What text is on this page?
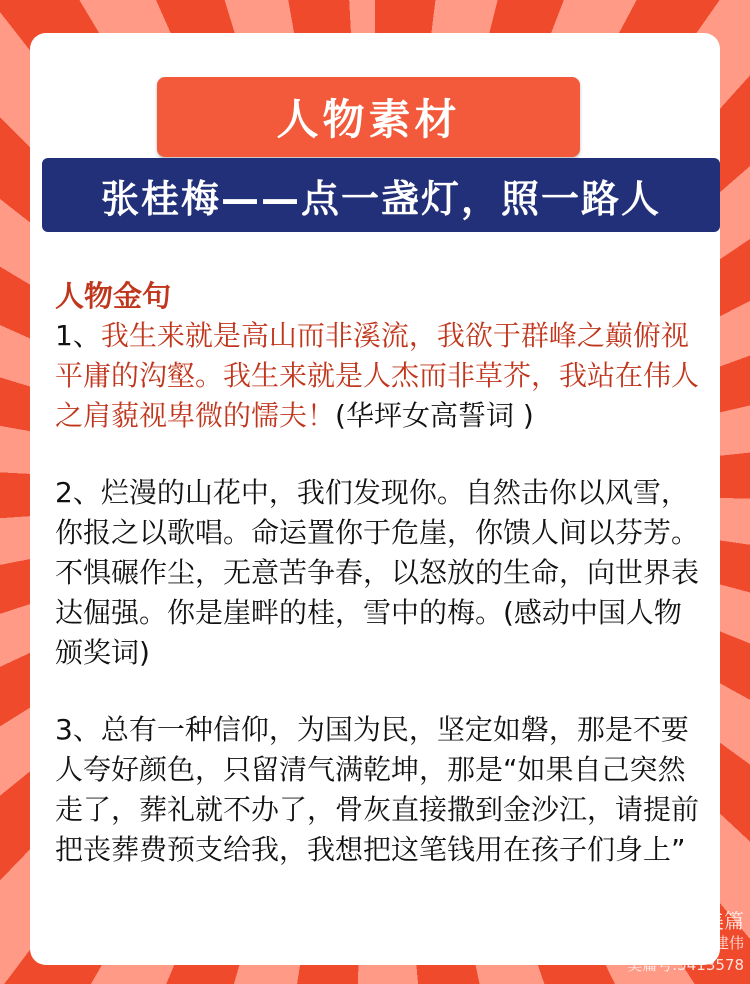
人物素材
张桂梅——点一盏灯，照一路人
人物金句

1、我生来就是高山而非溪流，我欲于群峰之巅俯视平庸的沟壑。我生来就是人杰而非草芥，我站在伟人之肩藐视卑微的懦夫！(华坪女高誓词 )

2、烂漫的山花中，我们发现你。自然击你以风雪，你报之以歌唱。命运置你于危崖，你馈人间以芬芳。不惧碾作尘，无意苦争春，以怒放的生命，向世界表达倔强。你是崖畔的桂，雪中的梅。(感动中国人物颁奖词)

3、总有一种信仰，为国为民，坚定如磐，那是不要人夸好颜色，只留清气满乾坤，那是“如果自己突然走了，葬礼就不办了，骨灰直接撒到金沙江，请提前把丧葬费预支给我，我想把这笔钱用在孩子们身上”

美篇
建伟
美篇号:5413578
